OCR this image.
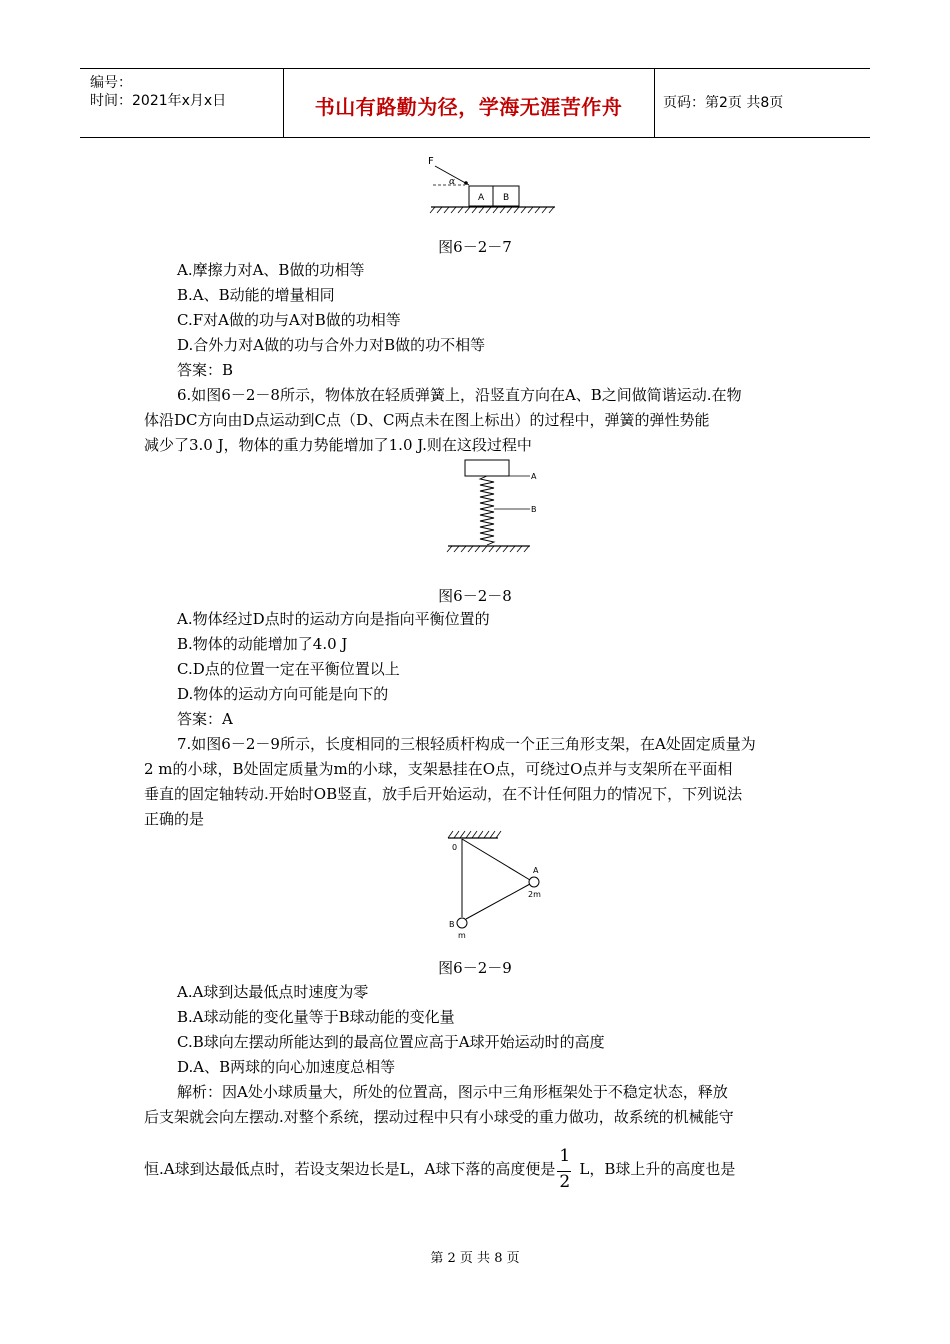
编号：
时间：2021年x月x日	书山有路勤为径，学海无涯苦作舟	页码：第2页 共8页
F
α
A B
图6－2－7
A.摩擦力对A、B做的功相等
B.A、B动能的增量相同
C.F对A做的功与A对B做的功相等
D.合外力对A做的功与合外力对B做的功不相等
答案：B
6.如图6－2－8所示，物体放在轻质弹簧上，沿竖直方向在A、B之间做简谐运动.在物
体沿DC方向由D点运动到C点（D、C两点未在图上标出）的过程中，弹簧的弹性势能
减少了3.0 J，物体的重力势能增加了1.0 J.则在这段过程中
A
B
图6－2－8
A.物体经过D点时的运动方向是指向平衡位置的
B.物体的动能增加了4.0 J
C.D点的位置一定在平衡位置以上
D.物体的运动方向可能是向下的
答案：A
7.如图6－2－9所示，长度相同的三根轻质杆构成一个正三角形支架，在A处固定质量为
2 m的小球，B处固定质量为m的小球，支架悬挂在O点，可绕过O点并与支架所在平面相
垂直的固定轴转动.开始时OB竖直，放手后开始运动，在不计任何阻力的情况下，下列说法
正确的是
0
A
2m
B
m
图6－2－9
A.A球到达最低点时速度为零
B.A球动能的变化量等于B球动能的变化量
C.B球向左摆动所能达到的最高位置应高于A球开始运动时的高度
D.A、B两球的向心加速度总相等
解析：因A处小球质量大，所处的位置高，图示中三角形框架处于不稳定状态，释放
后支架就会向左摆动.对整个系统，摆动过程中只有小球受的重力做功，故系统的机械能守
恒.A球到达最低点时，若设支架边长是L，A球下落的高度便是
$\frac{1}{2}$
L，B球上升的高度也是
第 2 页 共 8 页
